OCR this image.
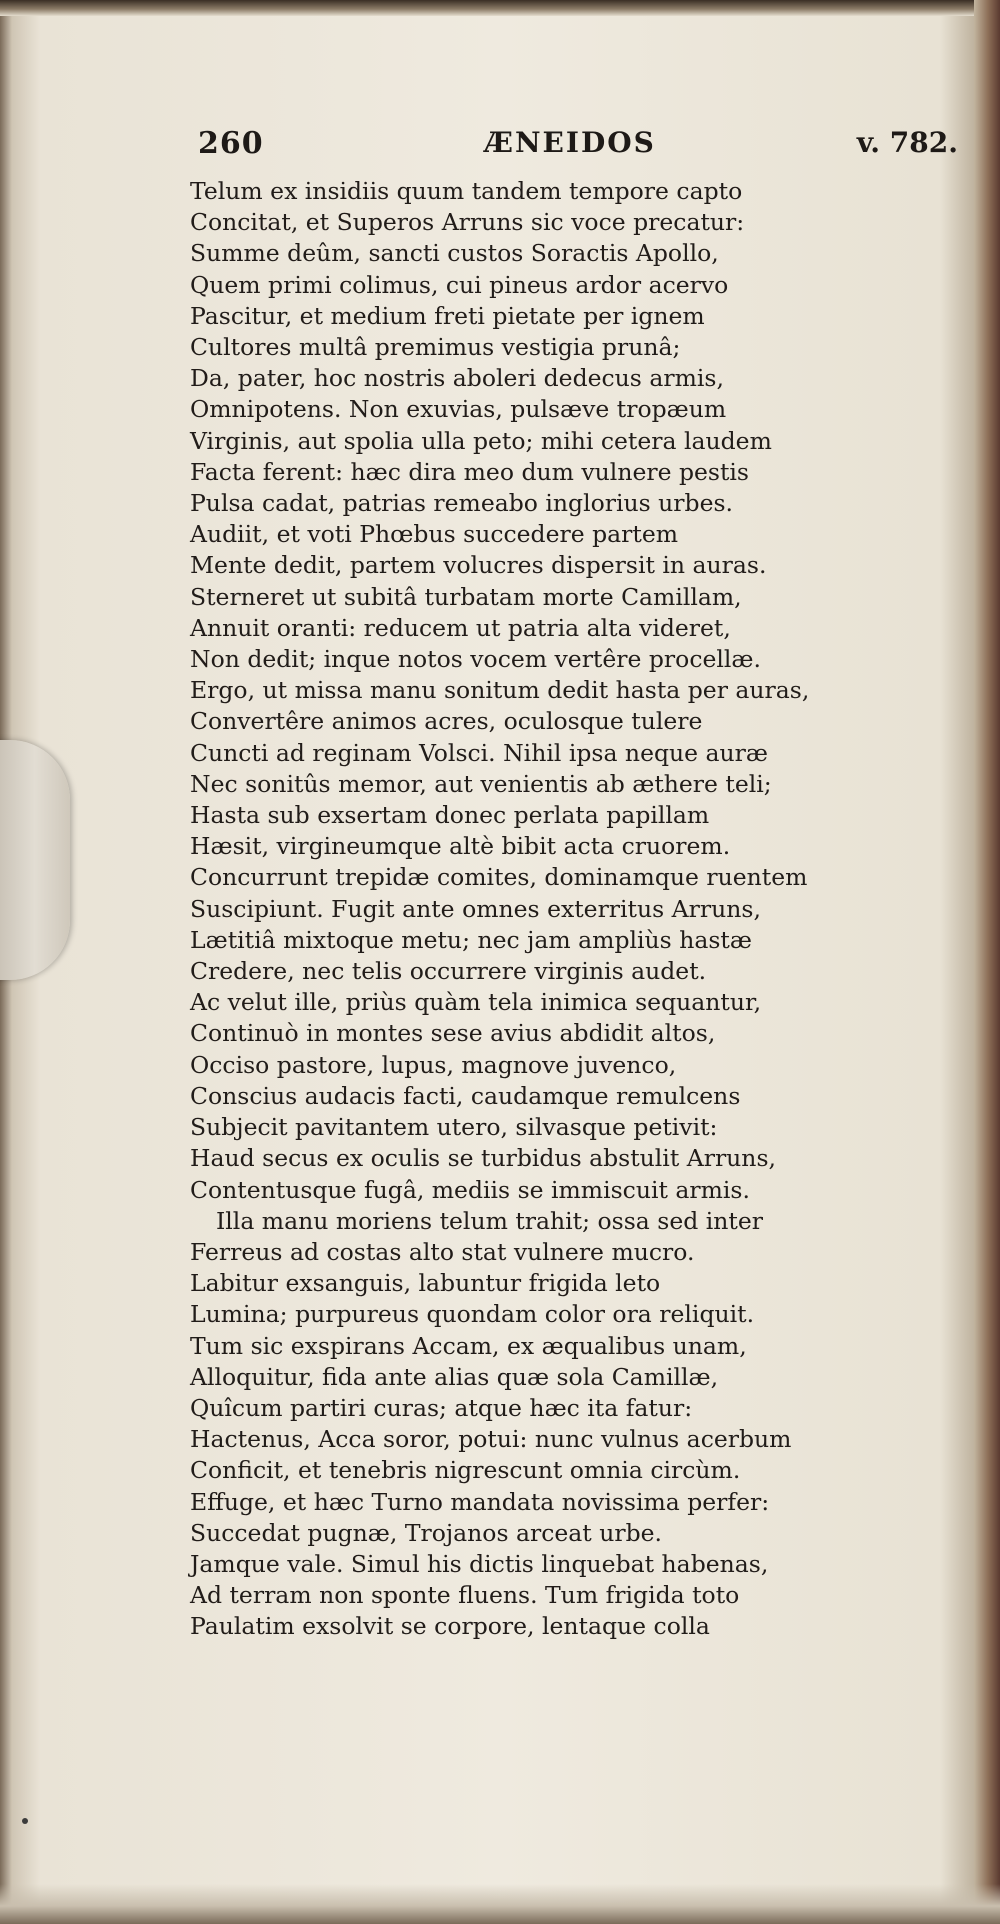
260	ÆNEIDOS	v. 782.
Telum ex insidiis quum tandem tempore capto
Concitat, et Superos Arruns sic voce precatur:
Summe deûm, sancti custos Soractis Apollo,
Quem primi colimus, cui pineus ardor acervo
Pascitur, et medium freti pietate per ignem
Cultores multâ premimus vestigia prunâ;
Da, pater, hoc nostris aboleri dedecus armis,
Omnipotens. Non exuvias, pulsæve tropæum
Virginis, aut spolia ulla peto; mihi cetera laudem
Facta ferent: hæc dira meo dum vulnere pestis
Pulsa cadat, patrias remeabo inglorius urbes.
Audiit, et voti Phœbus succedere partem
Mente dedit, partem volucres dispersit in auras.
Sterneret ut subitâ turbatam morte Camillam,
Annuit oranti: reducem ut patria alta videret,
Non dedit; inque notos vocem vertêre procellæ.
Ergo, ut missa manu sonitum dedit hasta per auras,
Convertêre animos acres, oculosque tulere
Cuncti ad reginam Volsci. Nihil ipsa neque auræ
Nec sonitûs memor, aut venientis ab æthere teli;
Hasta sub exsertam donec perlata papillam
Hæsit, virgineumque altè bibit acta cruorem.
Concurrunt trepidæ comites, dominamque ruentem
Suscipiunt. Fugit ante omnes exterritus Arruns,
Lætitiâ mixtoque metu; nec jam ampliùs hastæ
Credere, nec telis occurrere virginis audet.
Ac velut ille, priùs quàm tela inimica sequantur,
Continuò in montes sese avius abdidit altos,
Occiso pastore, lupus, magnove juvenco,
Conscius audacis facti, caudamque remulcens
Subjecit pavitantem utero, silvasque petivit:
Haud secus ex oculis se turbidus abstulit Arruns,
Contentusque fugâ, mediis se immiscuit armis.
Illa manu moriens telum trahit; ossa sed inter
Ferreus ad costas alto stat vulnere mucro.
Labitur exsanguis, labuntur frigida leto
Lumina; purpureus quondam color ora reliquit.
Tum sic exspirans Accam, ex æqualibus unam,
Alloquitur, fida ante alias quæ sola Camillæ,
Quîcum partiri curas; atque hæc ita fatur:
Hactenus, Acca soror, potui: nunc vulnus acerbum
Conficit, et tenebris nigrescunt omnia circùm.
Effuge, et hæc Turno mandata novissima perfer:
Succedat pugnæ, Trojanos arceat urbe.
Jamque vale. Simul his dictis linquebat habenas,
Ad terram non sponte fluens. Tum frigida toto
Paulatim exsolvit se corpore, lentaque colla
